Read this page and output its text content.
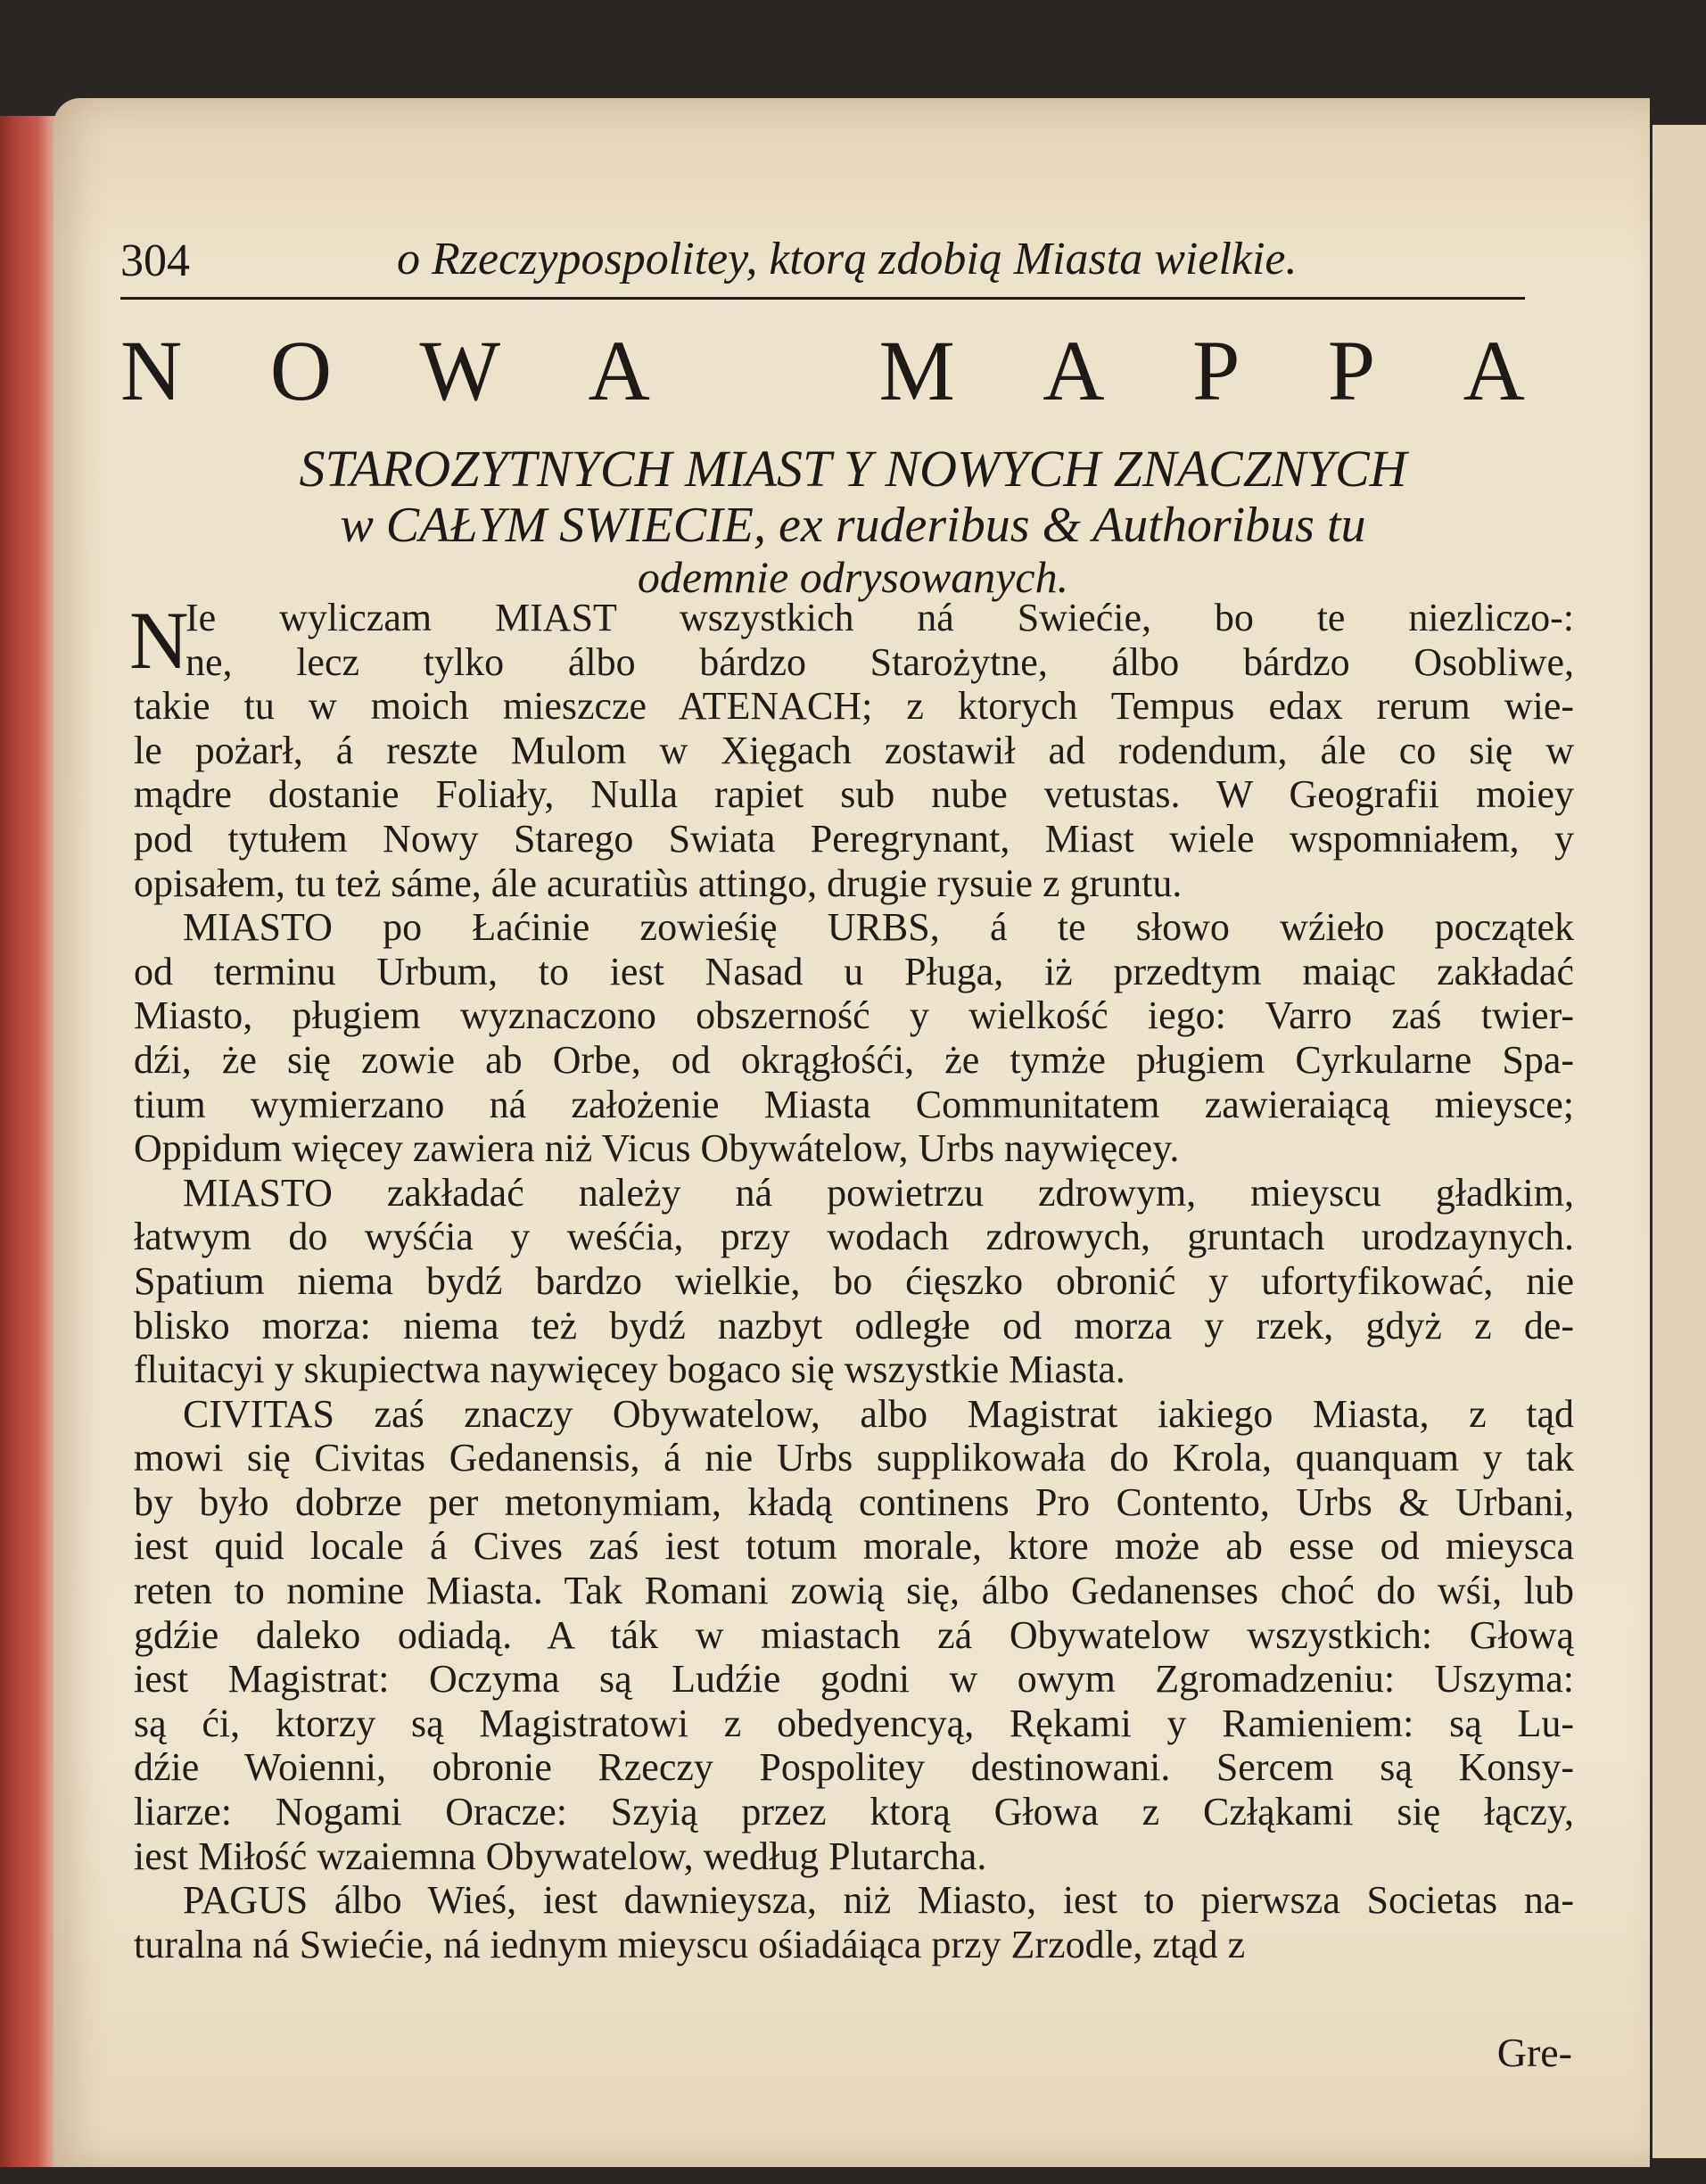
304	o Rzeczypospolitey, ktorą zdobią Miasta wielkie.
N O W A	M A P P A
STAROZYTNYCH MIAST Y NOWYCH ZNACZNYCH
w CAŁYM SWIECIE, ex ruderibus & Authoribus tu
odemnie odrysowanych.
N
Ie wyliczam MIAST wszystkich ná Swiećie, bo te niezliczo-:
ne, lecz tylko álbo bárdzo Starożytne, álbo bárdzo Osobliwe,
takie tu w moich mieszcze ATENACH; z ktorych Tempus edax rerum wie-
le pożarł, á reszte Mulom w Xięgach zostawił ad rodendum, ále co się w
mądre dostanie Foliały, Nulla rapiet sub nube vetustas. W Geografii moiey
pod tytułem Nowy Starego Swiata Peregrynant, Miast wiele wspomniałem, y
opisałem, tu też sáme, ále acuratiùs attingo, drugie rysuie z gruntu.
MIASTO po Łaćinie zowieśię URBS, á te słowo wźieło początek
od terminu Urbum, to iest Nasad u Pługa, iż przedtym maiąc zakładać
Miasto, pługiem wyznaczono obszerność y wielkość iego: Varro zaś twier-
dźi, że się zowie ab Orbe, od okrągłośći, że tymże pługiem Cyrkularne Spa-
tium wymierzano ná założenie Miasta Communitatem zawieraiącą mieysce;
Oppidum więcey zawiera niż Vicus Obywátelow, Urbs naywięcey.
MIASTO zakładać należy ná powietrzu zdrowym, mieyscu gładkim,
łatwym do wyśćia y weśćia, przy wodach zdrowych, gruntach urodzaynych.
Spatium niema bydź bardzo wielkie, bo ćięszko obronić y ufortyfikować, nie
blisko morza: niema też bydź nazbyt odległe od morza y rzek, gdyż z de-
fluitacyi y skupiectwa naywięcey bogaco się wszystkie Miasta.
CIVITAS zaś znaczy Obywatelow, albo Magistrat iakiego Miasta, z tąd
mowi się Civitas Gedanensis, á nie Urbs supplikowała do Krola, quanquam y tak
by było dobrze per metonymiam, kładą continens Pro Contento, Urbs & Urbani,
iest quid locale á Cives zaś iest totum morale, ktore może ab esse od mieysca
reten to nomine Miasta. Tak Romani zowią się, álbo Gedanenses choć do wśi, lub
gdźie daleko odiadą. A ták w miastach zá Obywatelow wszystkich: Głową
iest Magistrat: Oczyma są Ludźie godni w owym Zgromadzeniu: Uszyma:
są ći, ktorzy są Magistratowi z obedyencyą, Rękami y Ramieniem: są Lu-
dźie Woienni, obronie Rzeczy Pospolitey destinowani. Sercem są Konsy-
liarze: Nogami Oracze: Szyią przez ktorą Głowa z Człąkami się łączy,
iest Miłość wzaiemna Obywatelow, według Plutarcha.
PAGUS álbo Wieś, iest dawnieysza, niż Miasto, iest to pierwsza Societas na-
turalna ná Swiećie, ná iednym mieyscu ośiadáiąca przy Zrzodle, ztąd z
Gre-
